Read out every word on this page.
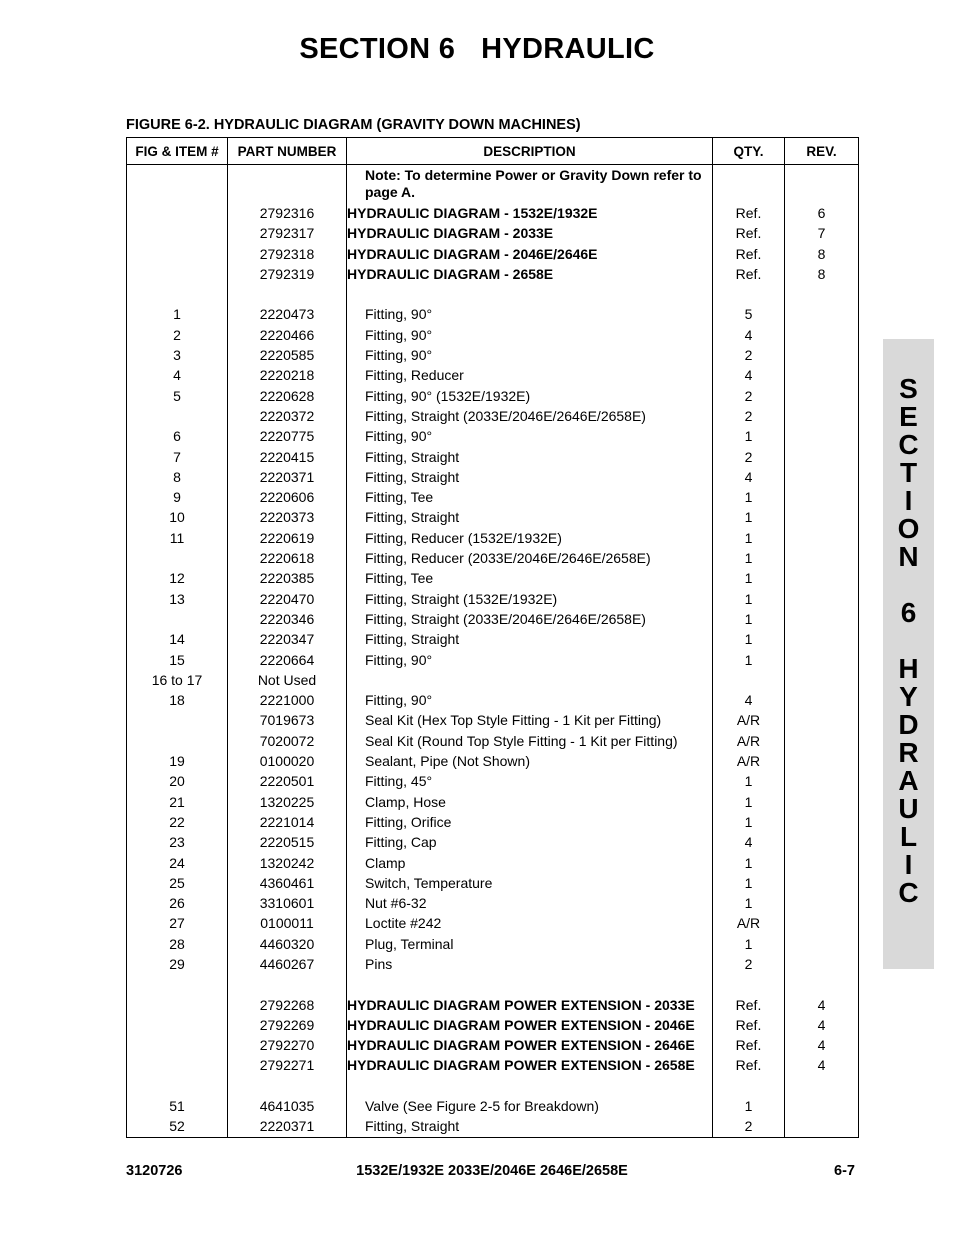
SECTION 6 HYDRAULIC
FIGURE 6-2. HYDRAULIC DIAGRAM (GRAVITY DOWN MACHINES)
FIG & ITEM #	PART NUMBER	DESCRIPTION	QTY.	REV.
		Note: To determine Power or Gravity Down refer to page A.		
	2792316	HYDRAULIC DIAGRAM - 1532E/1932E	Ref.	6
	2792317	HYDRAULIC DIAGRAM - 2033E	Ref.	7
	2792318	HYDRAULIC DIAGRAM - 2046E/2646E	Ref.	8
	2792319	HYDRAULIC DIAGRAM - 2658E	Ref.	8

1	2220473	Fitting, 90°	5	
2	2220466	Fitting, 90°	4	
3	2220585	Fitting, 90°	2	
4	2220218	Fitting, Reducer	4	
5	2220628	Fitting, 90° (1532E/1932E)	2	
	2220372	Fitting, Straight (2033E/2046E/2646E/2658E)	2	
6	2220775	Fitting, 90°	1	
7	2220415	Fitting, Straight	2	
8	2220371	Fitting, Straight	4	
9	2220606	Fitting, Tee	1	
10	2220373	Fitting, Straight	1	
11	2220619	Fitting, Reducer (1532E/1932E)	1	
	2220618	Fitting, Reducer (2033E/2046E/2646E/2658E)	1	
12	2220385	Fitting, Tee	1	
13	2220470	Fitting, Straight (1532E/1932E)	1	
	2220346	Fitting, Straight (2033E/2046E/2646E/2658E)	1	
14	2220347	Fitting, Straight	1	
15	2220664	Fitting, 90°	1	
16 to 17	Not Used			
18	2221000	Fitting, 90°	4	
	7019673	Seal Kit (Hex Top Style Fitting - 1 Kit per Fitting)	A/R	
	7020072	Seal Kit (Round Top Style Fitting - 1 Kit per Fitting)	A/R	
19	0100020	Sealant, Pipe (Not Shown)	A/R	
20	2220501	Fitting, 45°	1	
21	1320225	Clamp, Hose	1	
22	2221014	Fitting, Orifice	1	
23	2220515	Fitting, Cap	4	
24	1320242	Clamp	1	
25	4360461	Switch, Temperature	1	
26	3310601	Nut #6-32	1	
27	0100011	Loctite #242	A/R	
28	4460320	Plug, Terminal	1	
29	4460267	Pins	2	

	2792268	HYDRAULIC DIAGRAM POWER EXTENSION - 2033E	Ref.	4
	2792269	HYDRAULIC DIAGRAM POWER EXTENSION - 2046E	Ref.	4
	2792270	HYDRAULIC DIAGRAM POWER EXTENSION - 2646E	Ref.	4
	2792271	HYDRAULIC DIAGRAM POWER EXTENSION - 2658E	Ref.	4

51	4641035	Valve (See Figure 2-5 for Breakdown)	1	
52	2220371	Fitting, Straight	2	
S
E
C
T
I
O
N
6
H
Y
D
R
A
U
L
I
C
3120726	1532E/1932E 2033E/2046E 2646E/2658E	6-7
